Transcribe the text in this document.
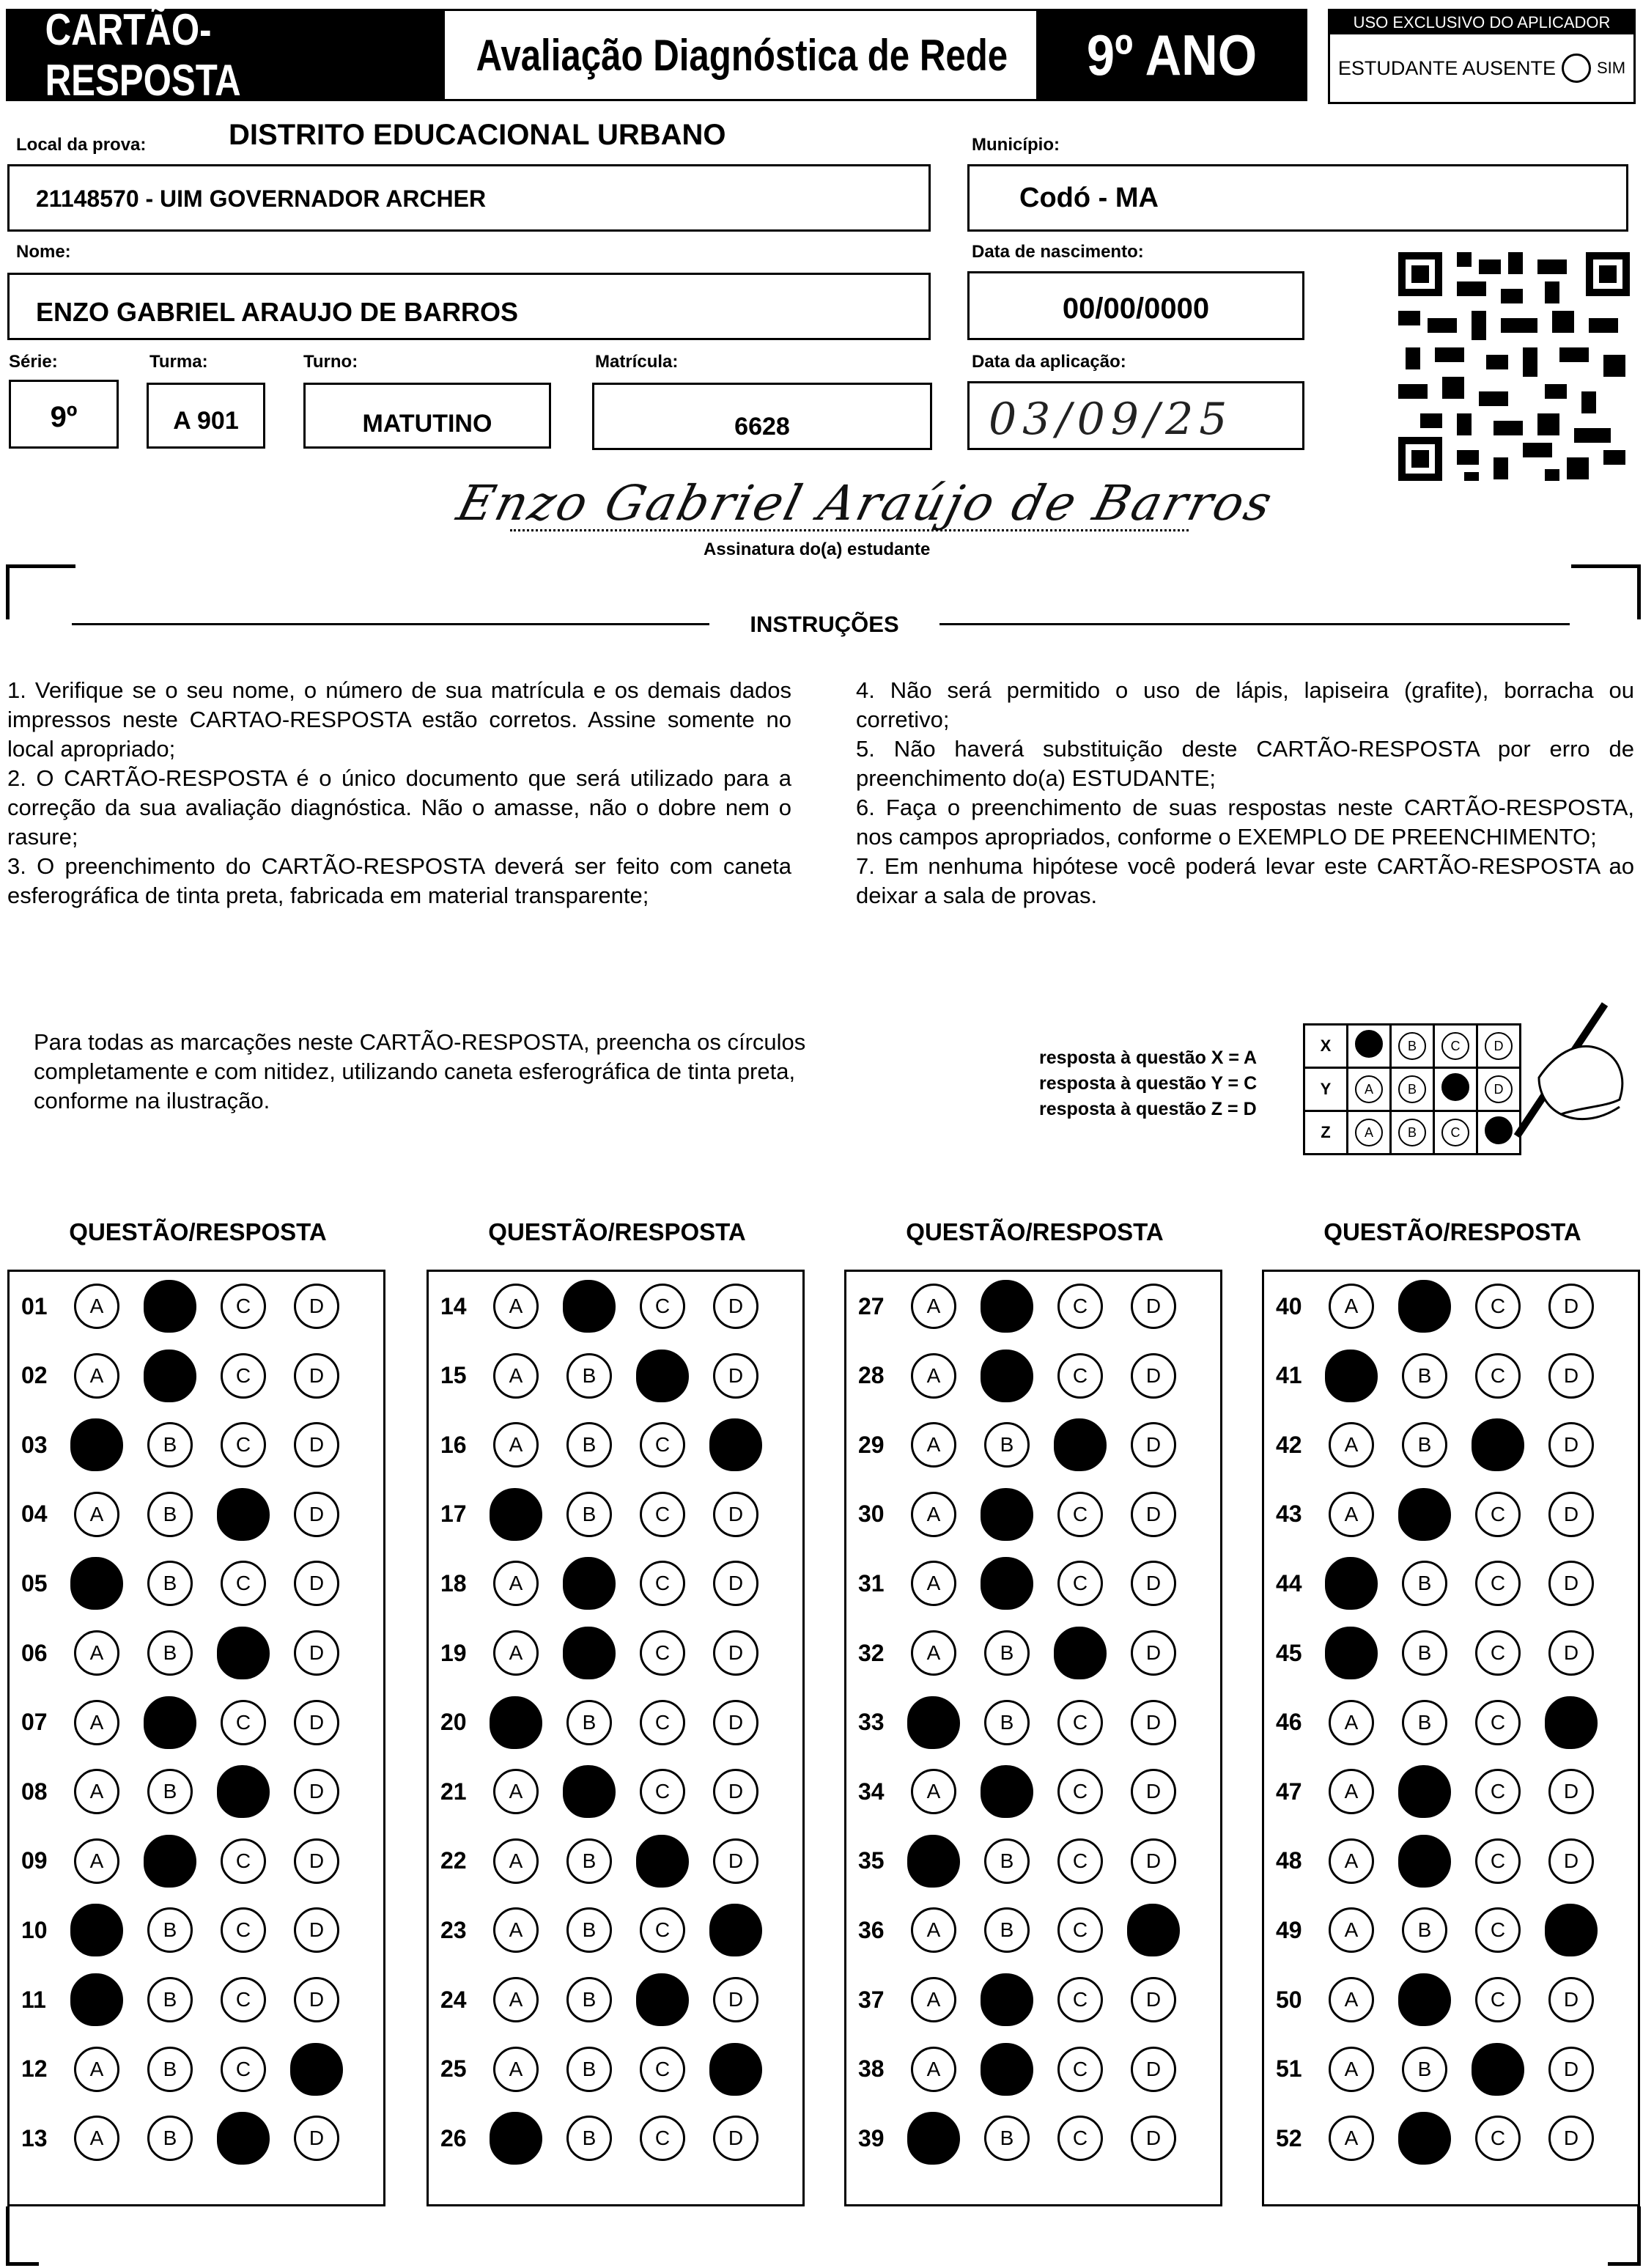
CARTÃO-RESPOSTA
Avaliação Diagnóstica de Rede 9º ANO	USO EXCLUSIVO DO APLICADOR
ESTUDANTE AUSENTE	SIM
Local da prova:	DISTRITO EDUCACIONAL URBANO
21148570 - UIM GOVERNADOR ARCHER
Município:
Codó - MA
Nome:
ENZO GABRIEL ARAUJO DE BARROS
Data de nascimento:
00/00/0000
Série:
9º
Turma:
A 901
Turno:
MATUTINO
Matrícula:
6628
Data da aplicação:
03/09/25
Enzo Gabriel Araújo de Barros
Assinatura do(a) estudante
INSTRUÇÕES

1. Verifique se o seu nome, o número de sua matrícula e os demais dados impressos neste CARTAO-RESPOSTA estão corretos. Assine somente no local apropriado;

2. O CARTÃO-RESPOSTA é o único documento que será utilizado para a correção da sua avaliação diagnóstica. Não o amasse, não o dobre nem o rasure;

3. O preenchimento do CARTÃO-RESPOSTA deverá ser feito com caneta esferográfica de tinta preta, fabricada em material transparente;

4. Não será permitido o uso de lápis, lapiseira (grafite), borracha ou corretivo;

5. Não haverá substituição deste CARTÃO-RESPOSTA por erro de preenchimento do(a) ESTUDANTE;

6. Faça o preenchimento de suas respostas neste CARTÃO-RESPOSTA, nos campos apropriados, conforme o EXEMPLO DE PREENCHIMENTO;

7. Em nenhuma hipótese você poderá levar este CARTÃO-RESPOSTA ao deixar a sala de provas.

Para todas as marcações neste CARTÃO-RESPOSTA, preencha os círculos completamente e com nitidez, utilizando caneta esferográfica de tinta preta, conforme na ilustração.
resposta à questão X = A
resposta à questão Y = C
resposta à questão Z = D
X		B	C	D
Y	A	B		D
Z	A	B	C	
QUESTÃO/RESPOSTA
01	A	B	C	D
02	A	B	C	D
03	A	B	C	D
04	A	B	C	D
05	A	B	C	D
06	A	B	C	D
07	A	B	C	D
08	A	B	C	D
09	A	B	C	D
10	A	B	C	D
11	A	B	C	D
12	A	B	C	D
13	A	B	C	D
QUESTÃO/RESPOSTA
14	A	B	C	D
15	A	B	C	D
16	A	B	C	D
17	A	B	C	D
18	A	B	C	D
19	A	B	C	D
20	A	B	C	D
21	A	B	C	D
22	A	B	C	D
23	A	B	C	D
24	A	B	C	D
25	A	B	C	D
26	A	B	C	D
QUESTÃO/RESPOSTA
27	A	B	C	D
28	A	B	C	D
29	A	B	C	D
30	A	B	C	D
31	A	B	C	D
32	A	B	C	D
33	A	B	C	D
34	A	B	C	D
35	A	B	C	D
36	A	B	C	D
37	A	B	C	D
38	A	B	C	D
39	A	B	C	D
QUESTÃO/RESPOSTA
40	A	B	C	D
41	A	B	C	D
42	A	B	C	D
43	A	B	C	D
44	A	B	C	D
45	A	B	C	D
46	A	B	C	D
47	A	B	C	D
48	A	B	C	D
49	A	B	C	D
50	A	B	C	D
51	A	B	C	D
52	A	B	C	D
